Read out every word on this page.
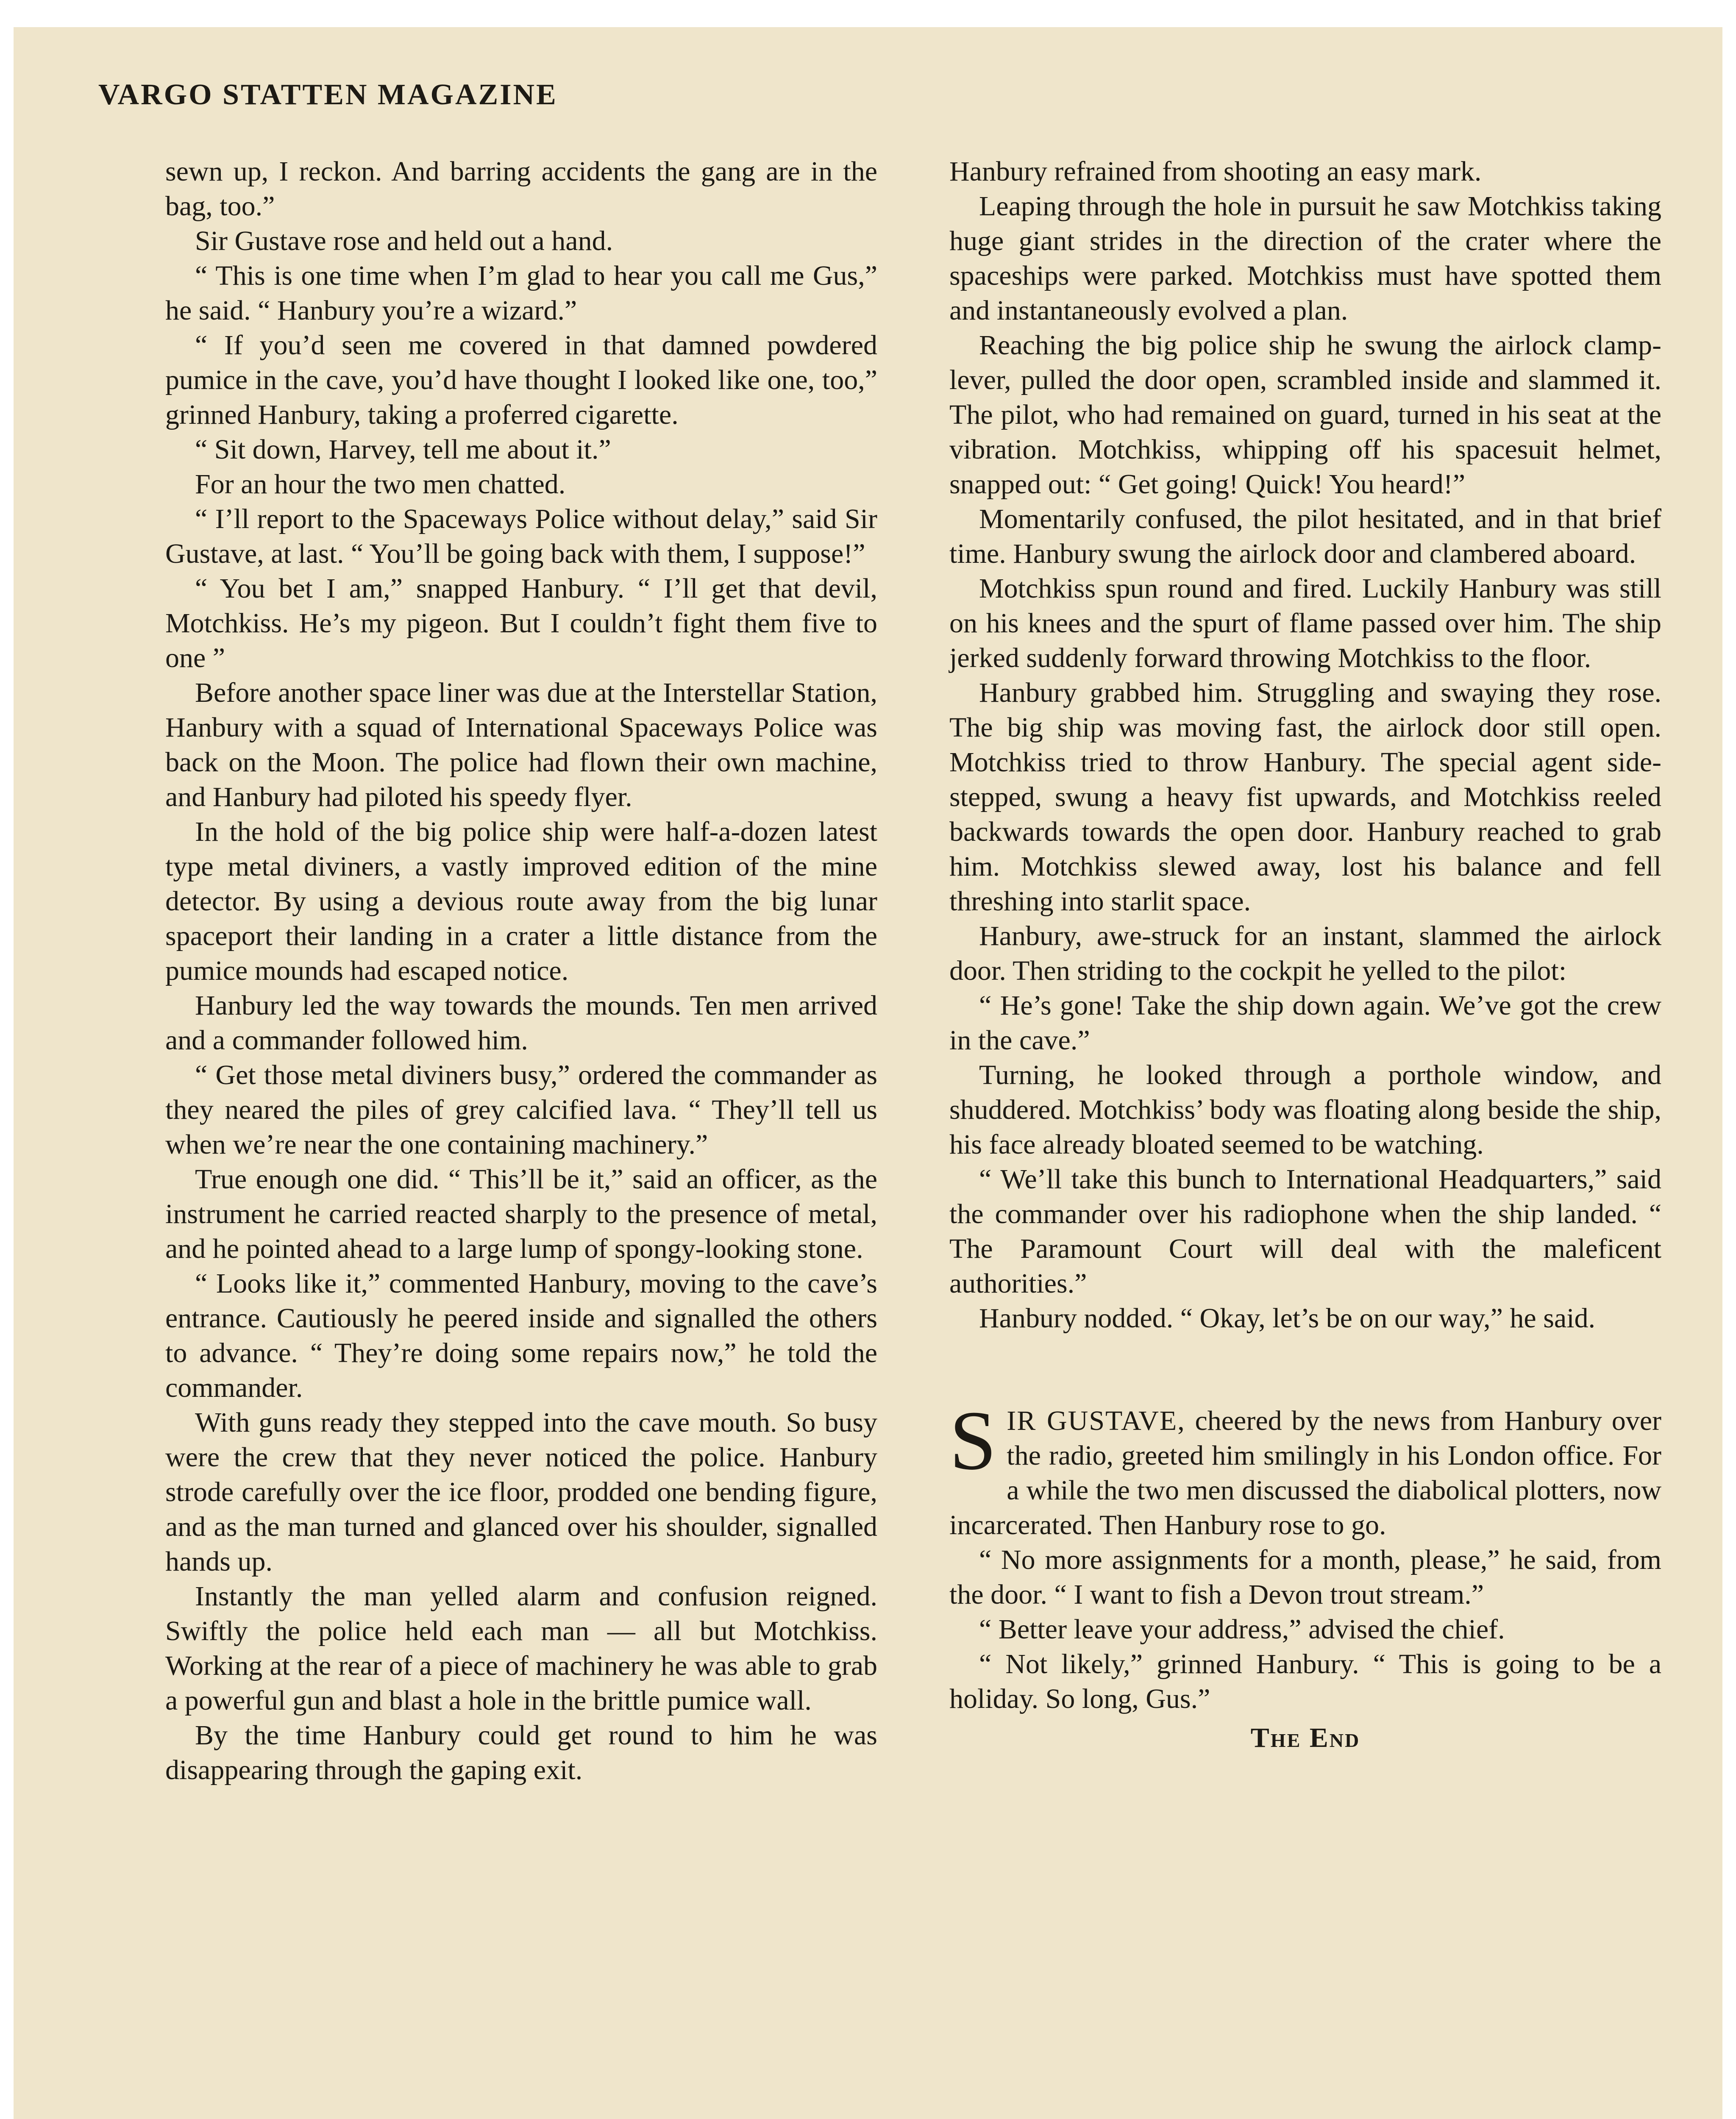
VARGO STATTEN MAGAZINE

sewn up, I reckon. And barring accidents the gang are in the bag, too.”

Sir Gustave rose and held out a hand.

“ This is one time when I’m glad to hear you call me Gus,” he said. “ Hanbury you’re a wizard.”

“ If you’d seen me covered in that damned powdered pumice in the cave, you’d have thought I looked like one, too,” grinned Hanbury, taking a proferred cigarette.

“ Sit down, Harvey, tell me about it.”

For an hour the two men chatted.

“ I’ll report to the Spaceways Police without delay,” said Sir Gustave, at last. “ You’ll be going back with them, I suppose!”

“ You bet I am,” snapped Hanbury. “ I’ll get that devil, Motchkiss. He’s my pigeon. But I couldn’t fight them five to one ”

Before another space liner was due at the Interstellar Station, Hanbury with a squad of International Spaceways Police was back on the Moon. The police had flown their own machine, and Hanbury had piloted his speedy flyer.

In the hold of the big police ship were half-a-dozen latest type metal diviners, a vastly improved edition of the mine detector. By using a devious route away from the big lunar spaceport their landing in a crater a little distance from the pumice mounds had escaped notice.

Hanbury led the way towards the mounds. Ten men arrived and a commander followed him.

“ Get those metal diviners busy,” ordered the commander as they neared the piles of grey calcified lava. “ They’ll tell us when we’re near the one containing machinery.”

True enough one did. “ This’ll be it,” said an officer, as the instrument he carried reacted sharply to the presence of metal, and he pointed ahead to a large lump of spongy-looking stone.

“ Looks like it,” commented Hanbury, moving to the cave’s entrance. Cautiously he peered inside and signalled the others to advance. “ They’re doing some repairs now,” he told the commander.

With guns ready they stepped into the cave mouth. So busy were the crew that they never noticed the police. Hanbury strode carefully over the ice floor, prodded one bending figure, and as the man turned and glanced over his shoulder, signalled hands up.

Instantly the man yelled alarm and confusion reigned. Swiftly the police held each man — all but Motchkiss. Working at the rear of a piece of machinery he was able to grab a powerful gun and blast a hole in the brittle pumice wall.

By the time Hanbury could get round to him he was disappearing through the gaping exit.

Hanbury refrained from shooting an easy mark.

Leaping through the hole in pursuit he saw Motchkiss taking huge giant strides in the direction of the crater where the spaceships were parked. Motchkiss must have spotted them and instantaneously evolved a plan.

Reaching the big police ship he swung the airlock clamp-lever, pulled the door open, scrambled inside and slammed it. The pilot, who had remained on guard, turned in his seat at the vibration. Motchkiss, whipping off his spacesuit helmet, snapped out: “ Get going! Quick! You heard!”

Momentarily confused, the pilot hesitated, and in that brief time. Hanbury swung the airlock door and clambered aboard.

Motchkiss spun round and fired. Luckily Hanbury was still on his knees and the spurt of flame passed over him. The ship jerked suddenly forward throwing Motchkiss to the floor.

Hanbury grabbed him. Struggling and swaying they rose. The big ship was moving fast, the airlock door still open. Motchkiss tried to throw Hanbury. The special agent side-stepped, swung a heavy fist upwards, and Motchkiss reeled backwards towards the open door. Hanbury reached to grab him. Motchkiss slewed away, lost his balance and fell threshing into starlit space.

Hanbury, awe-struck for an instant, slammed the airlock door. Then striding to the cockpit he yelled to the pilot:

“ He’s gone! Take the ship down again. We’ve got the crew in the cave.”

Turning, he looked through a porthole window, and shuddered. Motchkiss’ body was floating along beside the ship, his face already bloated seemed to be watching.

“ We’ll take this bunch to International Headquarters,” said the commander over his radiophone when the ship landed. “ The Paramount Court will deal with the maleficent authorities.”

Hanbury nodded. “ Okay, let’s be on our way,” he said.

SIR GUSTAVE, cheered by the news from Hanbury over the radio, greeted him smilingly in his London office. For a while the two men discussed the diabolical plotters, now incarcerated. Then Hanbury rose to go.

“ No more assignments for a month, please,” he said, from the door. “ I want to fish a Devon trout stream.”

“ Better leave your address,” advised the chief.

“ Not likely,” grinned Hanbury. “ This is going to be a holiday. So long, Gus.”

The End
